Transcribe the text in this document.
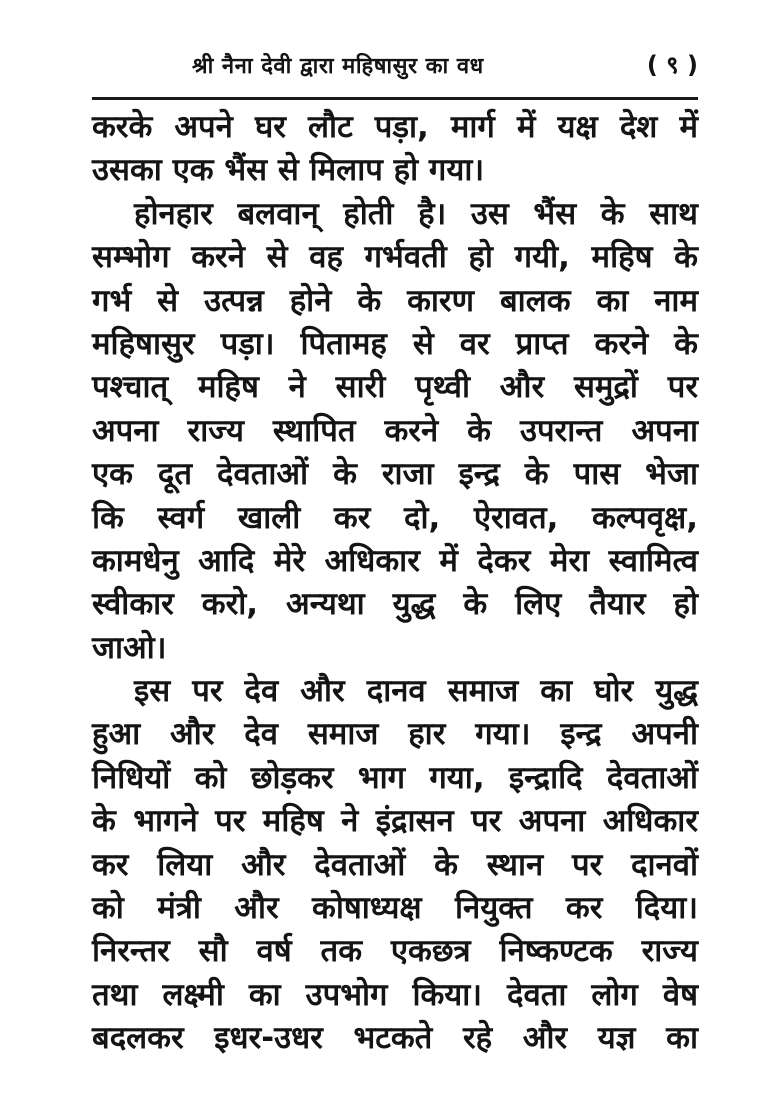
श्री नैना देवी द्वारा महिषासुर का वध	( ९ )
करके अपने घर लौट पड़ा, मार्ग में यक्ष देश में
उसका एक भैंस से मिलाप हो गया।
होनहार बलवान् होती है। उस भैंस के साथ
सम्भोग करने से वह गर्भवती हो गयी, महिष के
गर्भ से उत्पन्न होने के कारण बालक का नाम
महिषासुर पड़ा। पितामह से वर प्राप्त करने के
पश्चात् महिष ने सारी पृथ्वी और समुद्रों पर
अपना राज्य स्थापित करने के उपरान्त अपना
एक दूत देवताओं के राजा इन्द्र के पास भेजा
कि स्वर्ग खाली कर दो, ऐरावत, कल्पवृक्ष,
कामधेनु आदि मेरे अधिकार में देकर मेरा स्वामित्व
स्वीकार करो, अन्यथा युद्ध के लिए तैयार हो
जाओ।
इस पर देव और दानव समाज का घोर युद्ध
हुआ और देव समाज हार गया। इन्द्र अपनी
निधियों को छोड़कर भाग गया, इन्द्रादि देवताओं
के भागने पर महिष ने इंद्रासन पर अपना अधिकार
कर लिया और देवताओं के स्थान पर दानवों
को मंत्री और कोषाध्यक्ष नियुक्त कर दिया।
निरन्तर सौ वर्ष तक एकछत्र निष्कण्टक राज्य
तथा लक्ष्मी का उपभोग किया। देवता लोग वेष
बदलकर इधर-उधर भटकते रहे और यज्ञ का
